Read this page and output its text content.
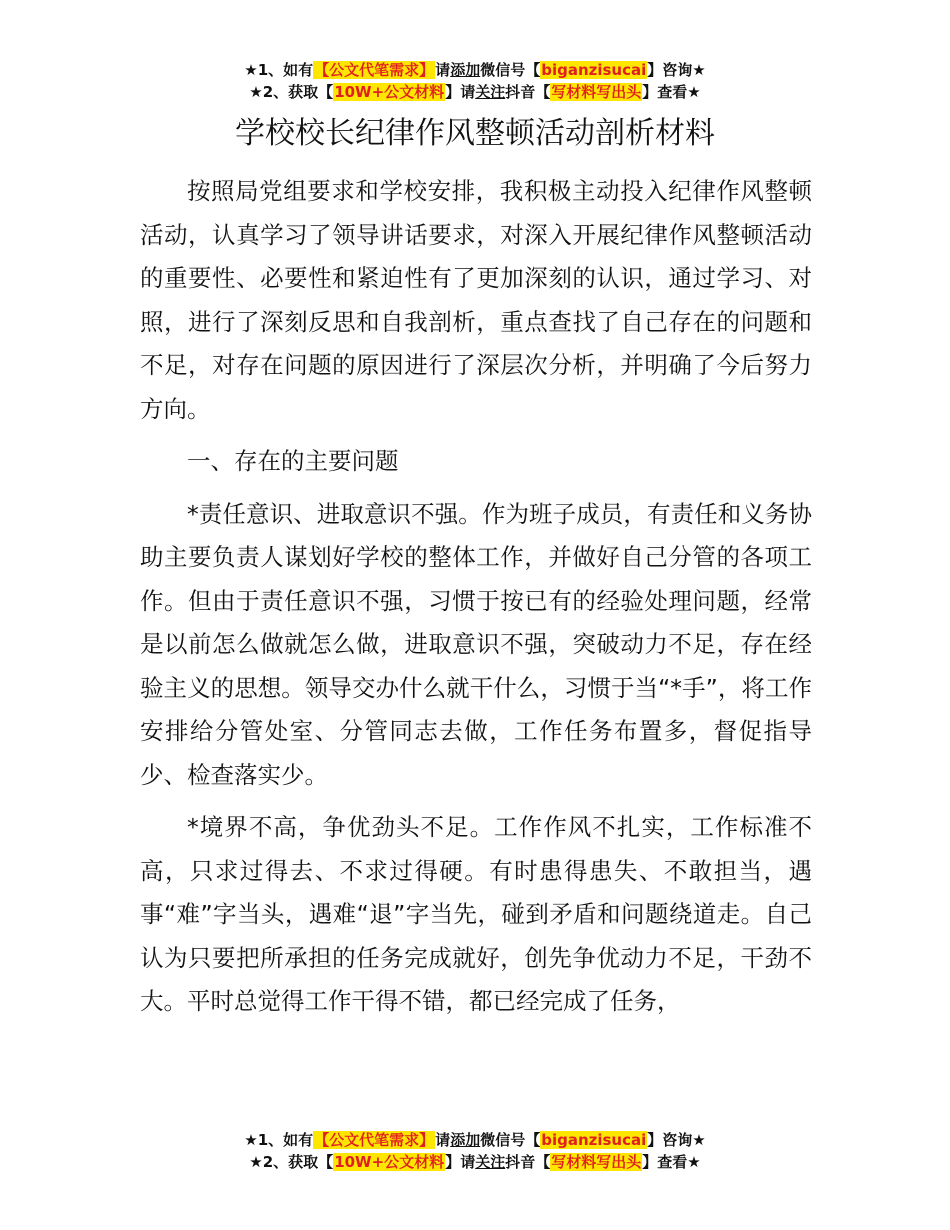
★1、如有【公文代笔需求】请添加微信号【biganzisucai】咨询★
★2、获取【10W+公文材料】请关注抖音【写材料写出头】查看★
学校校长纪律作风整顿活动剖析材料

按照局党组要求和学校安排，我积极主动投入纪律作风整顿活动，认真学习了领导讲话要求，对深入开展纪律作风整顿活动的重要性、必要性和紧迫性有了更加深刻的认识，通过学习、对照，进行了深刻反思和自我剖析，重点查找了自己存在的问题和不足，对存在问题的原因进行了深层次分析，并明确了今后努力方向。

一、存在的主要问题

*责任意识、进取意识不强。作为班子成员，有责任和义务协助主要负责人谋划好学校的整体工作，并做好自己分管的各项工作。但由于责任意识不强，习惯于按已有的经验处理问题，经常是以前怎么做就怎么做，进取意识不强，突破动力不足，存在经验主义的思想。领导交办什么就干什么，习惯于当“*手”，将工作安排给分管处室、分管同志去做，工作任务布置多，督促指导少、检查落实少。

*境界不高，争优劲头不足。工作作风不扎实，工作标准不高，只求过得去、不求过得硬。有时患得患失、不敢担当，遇事“难”字当头，遇难“退”字当先，碰到矛盾和问题绕道走。自己认为只要把所承担的任务完成就好，创先争优动力不足，干劲不大。平时总觉得工作干得不错，都已经完成了任务，

★1、如有【公文代笔需求】请添加微信号【biganzisucai】咨询★
★2、获取【10W+公文材料】请关注抖音【写材料写出头】查看★
